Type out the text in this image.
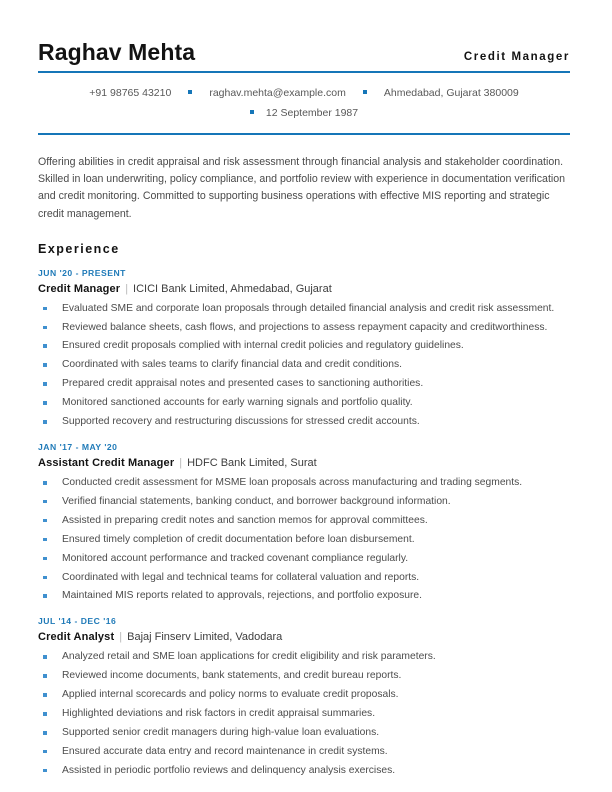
Raghav Mehta	Credit Manager
+91 98765 43210	raghav.mehta@example.com	Ahmedabad, Gujarat 380009
12 September 1987
Offering abilities in credit appraisal and risk assessment through financial analysis and stakeholder coordination. Skilled in loan underwriting, policy compliance, and portfolio review with experience in documentation verification and credit monitoring. Committed to supporting business operations with effective MIS reporting and strategic credit management.
Experience
JUN '20 - PRESENT
Credit Manager | ICICI Bank Limited, Ahmedabad, Gujarat
Evaluated SME and corporate loan proposals through detailed financial analysis and credit risk assessment.
Reviewed balance sheets, cash flows, and projections to assess repayment capacity and creditworthiness.
Ensured credit proposals complied with internal credit policies and regulatory guidelines.
Coordinated with sales teams to clarify financial data and credit conditions.
Prepared credit appraisal notes and presented cases to sanctioning authorities.
Monitored sanctioned accounts for early warning signals and portfolio quality.
Supported recovery and restructuring discussions for stressed credit accounts.
JAN '17 - MAY '20
Assistant Credit Manager | HDFC Bank Limited, Surat
Conducted credit assessment for MSME loan proposals across manufacturing and trading segments.
Verified financial statements, banking conduct, and borrower background information.
Assisted in preparing credit notes and sanction memos for approval committees.
Ensured timely completion of credit documentation before loan disbursement.
Monitored account performance and tracked covenant compliance regularly.
Coordinated with legal and technical teams for collateral valuation and reports.
Maintained MIS reports related to approvals, rejections, and portfolio exposure.
JUL '14 - DEC '16
Credit Analyst | Bajaj Finserv Limited, Vadodara
Analyzed retail and SME loan applications for credit eligibility and risk parameters.
Reviewed income documents, bank statements, and credit bureau reports.
Applied internal scorecards and policy norms to evaluate credit proposals.
Highlighted deviations and risk factors in credit appraisal summaries.
Supported senior credit managers during high-value loan evaluations.
Ensured accurate data entry and record maintenance in credit systems.
Assisted in periodic portfolio reviews and delinquency analysis exercises.
